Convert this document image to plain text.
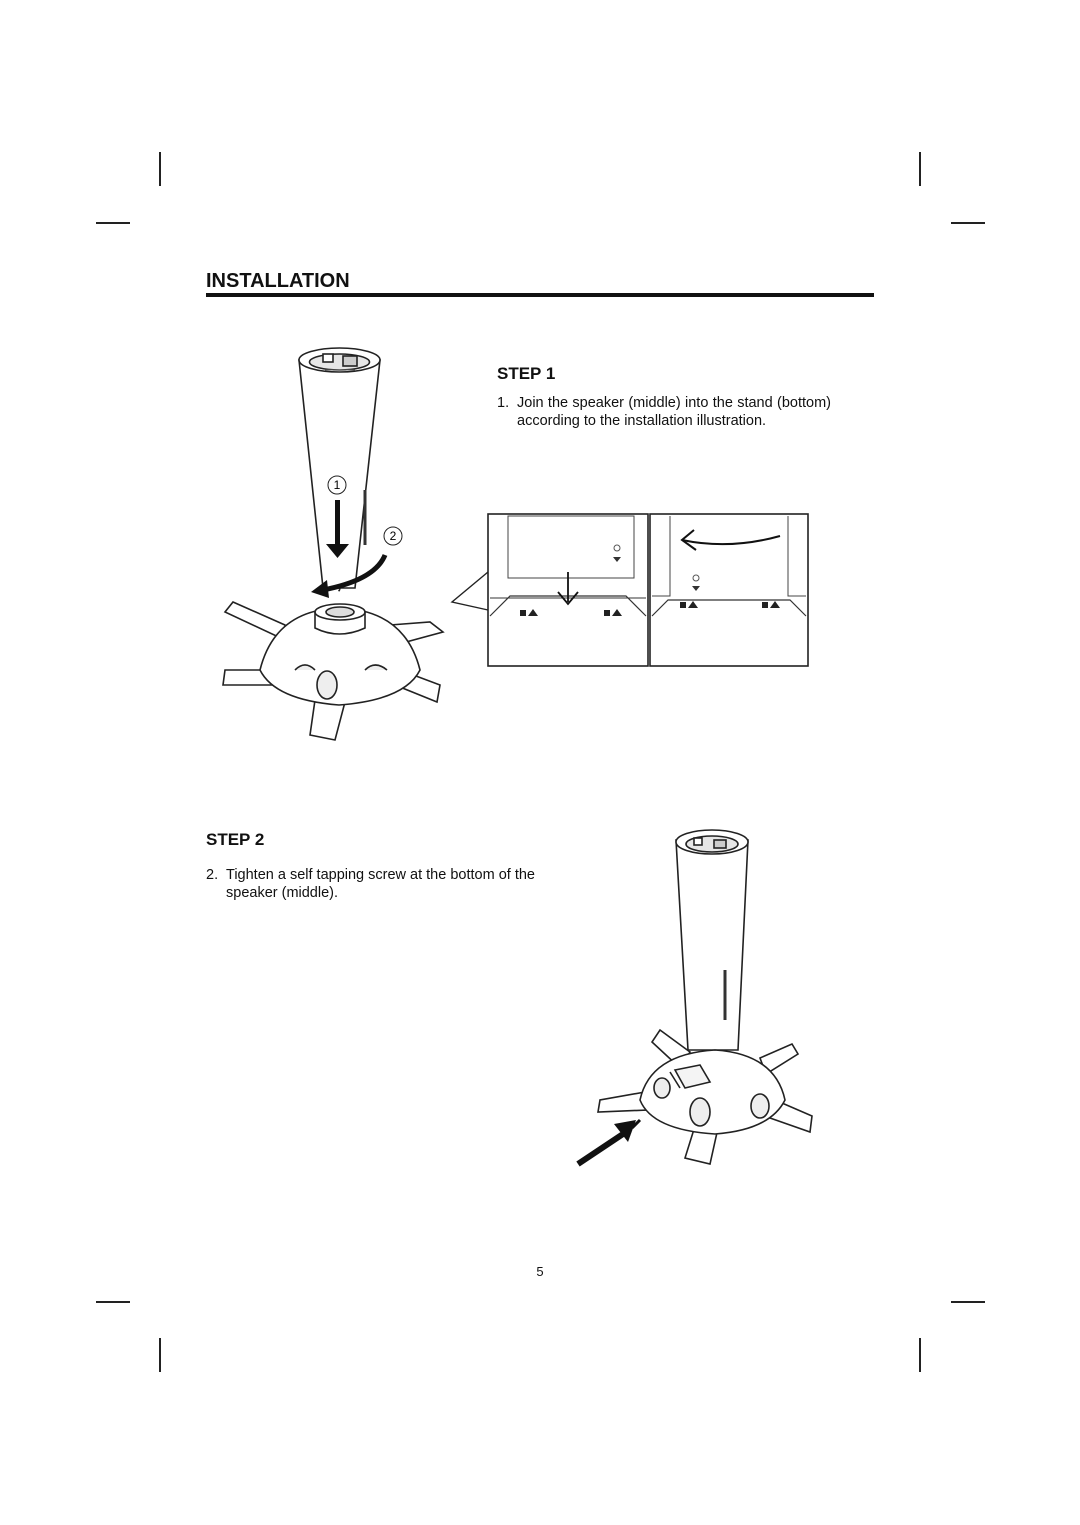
INSTALLATION
STEP 1
1. Join the speaker (middle) into the stand (bottom) according to the installation illustration.
1
2
STEP 2
2. Tighten a self tapping screw at the bottom of the speaker (middle).
5
